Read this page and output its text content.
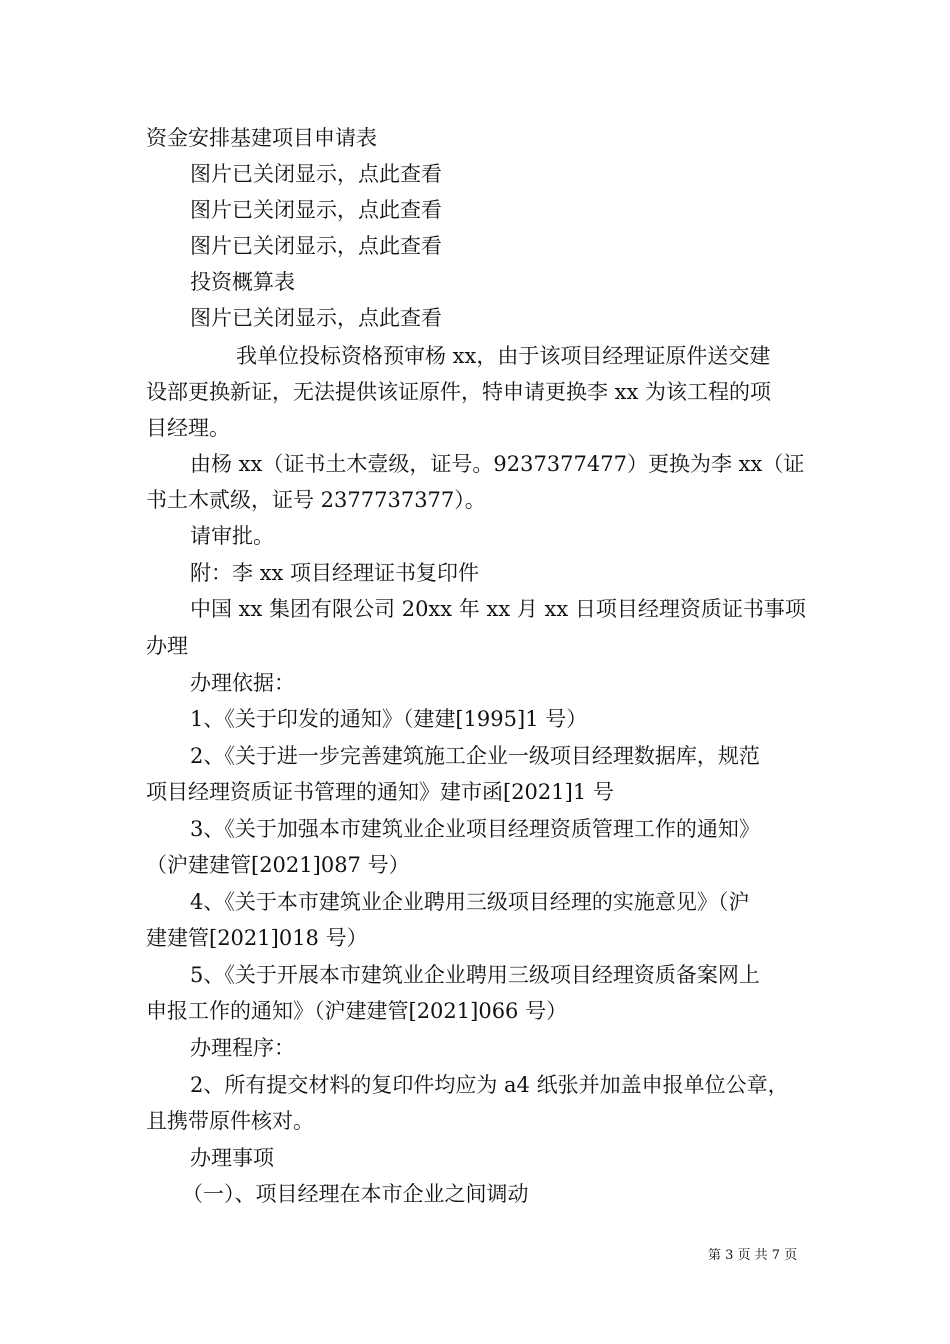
资金安排基建项目申请表
图片已关闭显示，点此查看
图片已关闭显示，点此查看
图片已关闭显示，点此查看
投资概算表
图片已关闭显示，点此查看
我单位投标资格预审杨 xx，由于该项目经理证原件送交建
设部更换新证，无法提供该证原件，特申请更换李 xx 为该工程的项
目经理。
由杨 xx（证书土木壹级，证号。9237377477）更换为李 xx（证
书土木贰级，证号 2377737377）。
请审批。
附：李 xx 项目经理证书复印件
中国 xx 集团有限公司 20xx 年 xx 月 xx 日项目经理资质证书事项
办理
办理依据：
1、《关于印发的通知》（建建[1995]1 号）
2、《关于进一步完善建筑施工企业一级项目经理数据库，规范
项目经理资质证书管理的通知》建市函[2021]1 号
3、《关于加强本市建筑业企业项目经理资质管理工作的通知》
（沪建建管[2021]087 号）
4、《关于本市建筑业企业聘用三级项目经理的实施意见》（沪
建建管[2021]018 号）
5、《关于开展本市建筑业企业聘用三级项目经理资质备案网上
申报工作的通知》（沪建建管[2021]066 号）
办理程序：
2、所有提交材料的复印件均应为 a4 纸张并加盖申报单位公章，
且携带原件核对。
办理事项
（一）、项目经理在本市企业之间调动
第 3 页 共 7 页
